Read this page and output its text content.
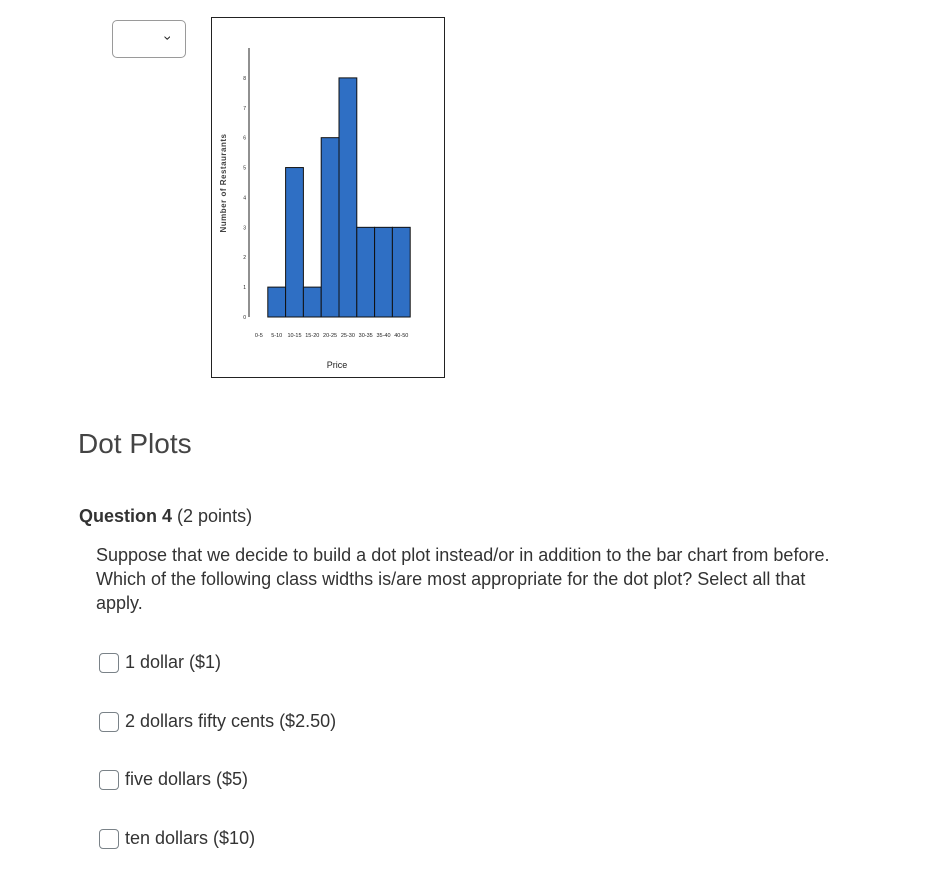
›
0
1
2
3
4
5
6
7
8
0-5 5-10 10-15 15-20 20-25 25-30 30-35 35-40 40-50
Number of Restaurants
Price
Dot Plots
Question 4 (2 points)
Suppose that we decide to build a dot plot instead/or in addition to the bar chart from before. Which of the following class widths is/are most appropriate for the dot plot? Select all that apply.
1 dollar ($1)
2 dollars fifty cents ($2.50)
five dollars ($5)
ten dollars ($10)
